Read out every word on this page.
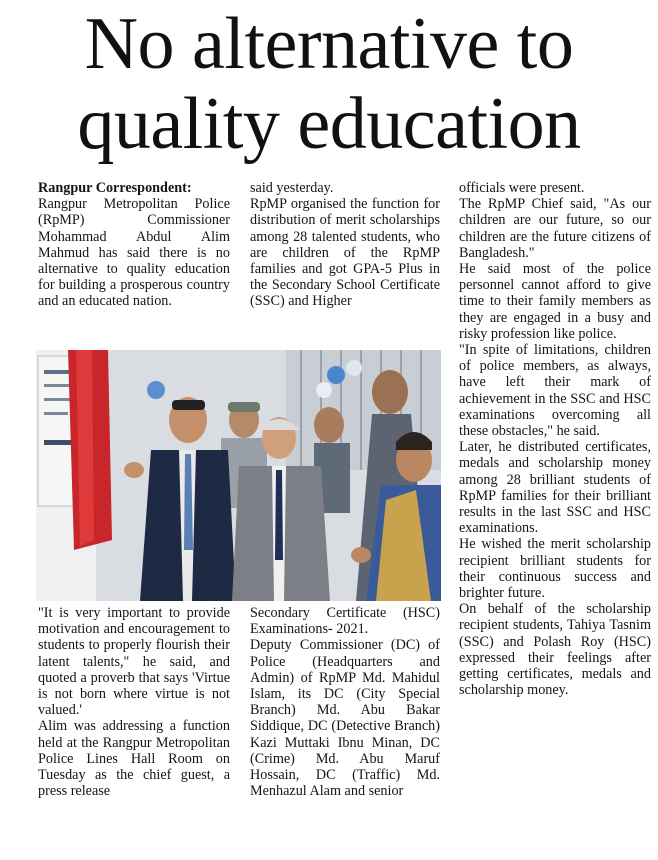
No alternative to
quality education

Rangpur Correspondent:

Rangpur Metropolitan Police (RpMP) Commissioner Mohammad Abdul Alim Mahmud has said there is no alternative to quality education for building a prosperous country and an educated nation.

said yesterday.

RpMP organised the function for distribution of merit scholarships among 28 talented students, who are children of the RpMP families and got GPA-5 Plus in the Secondary School Certificate (SSC) and Higher

officials were present.

The RpMP Chief said, "As our children are our future, so our children are the future citizens of Bangladesh."

He said most of the police personnel cannot afford to give time to their family members as they are engaged in a busy and risky profession like police.

"In spite of limitations, children of police members, as always, have left their mark of achievement in the SSC and HSC examinations overcoming all these obstacles," he said.

Later, he distributed certificates, medals and scholarship money among 28 brilliant students of RpMP families for their brilliant results in the last SSC and HSC examinations.

He wished the merit scholarship recipient brilliant students for their continuous success and brighter future.

On behalf of the scholarship recipient students, Tahiya Tasnim (SSC) and Polash Roy (HSC) expressed their feelings after getting certificates, medals and scholarship money.

"It is very important to provide motivation and encouragement to students to properly flourish their latent talents," he said, and quoted a proverb that says 'Virtue is not born where virtue is not valued.'

Alim was addressing a function held at the Rangpur Metropolitan Police Lines Hall Room on Tuesday as the chief guest, a press release

Secondary Certificate (HSC) Examinations- 2021.

Deputy Commissioner (DC) of Police (Headquarters and Admin) of RpMP Md. Mahidul Islam, its DC (City Special Branch) Md. Abu Bakar Siddique, DC (Detective Branch) Kazi Muttaki Ibnu Minan, DC (Crime) Md. Abu Maruf Hossain, DC (Traffic) Md. Menhazul Alam and senior
